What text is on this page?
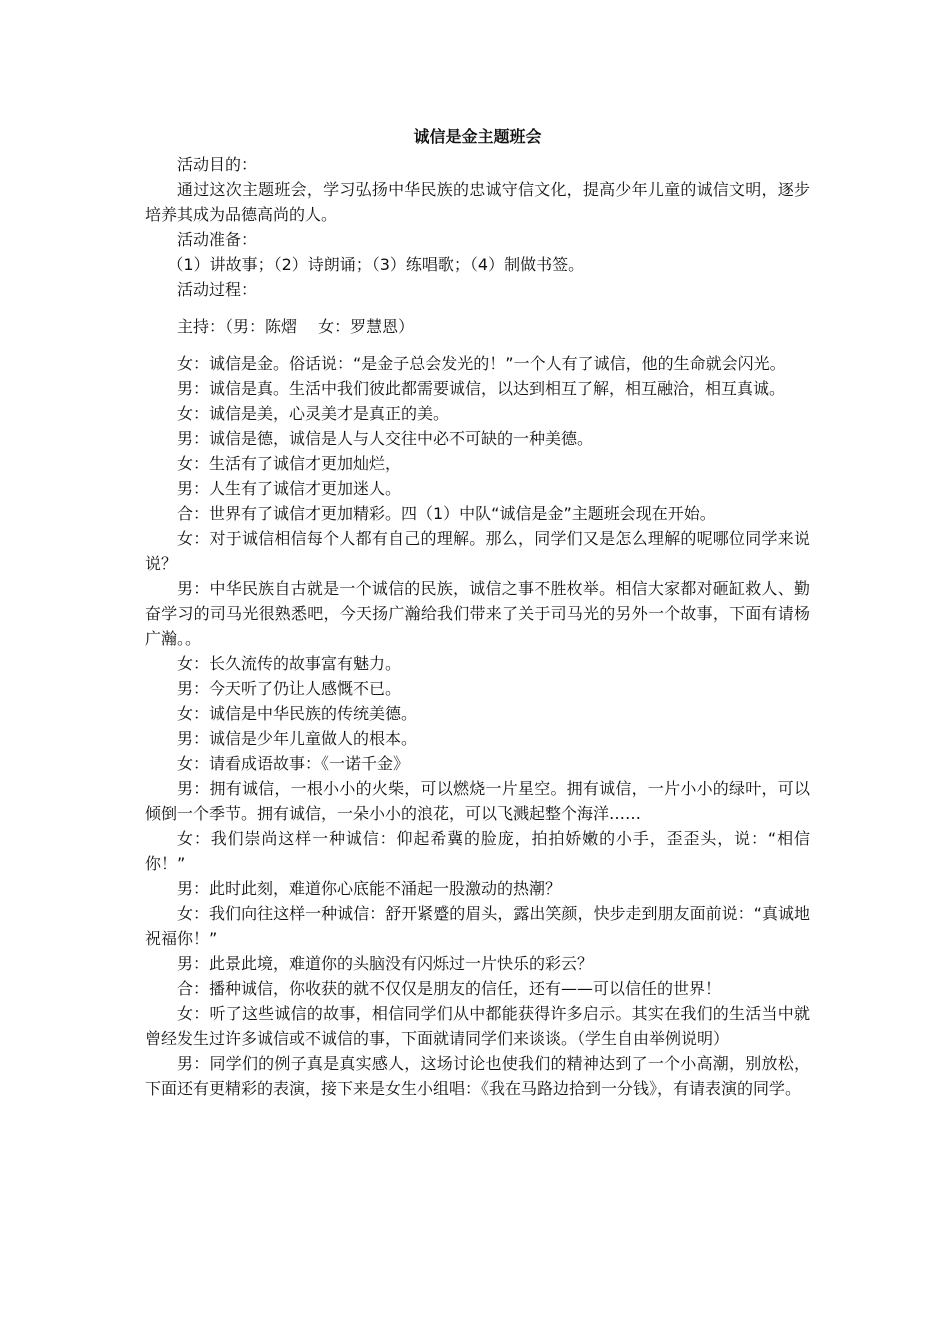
诚信是金主题班会

活动目的：

通过这次主题班会，学习弘扬中华民族的忠诚守信文化，提高少年儿童的诚信文明，逐步培养其成为品德高尚的人。

活动准备：

（1）讲故事；（2）诗朗诵；（3）练唱歌；（4）制做书签。

活动过程：

主持：（男：陈熠　 女：罗慧恩）

女：诚信是金。俗话说：“是金子总会发光的！”一个人有了诚信，他的生命就会闪光。

男：诚信是真。生活中我们彼此都需要诚信，以达到相互了解，相互融洽，相互真诚。

女：诚信是美，心灵美才是真正的美。

男：诚信是德，诚信是人与人交往中必不可缺的一种美德。

女：生活有了诚信才更加灿烂，

男：人生有了诚信才更加迷人。

合：世界有了诚信才更加精彩。四（1）中队“诚信是金”主题班会现在开始。

女：对于诚信相信每个人都有自己的理解。那么，同学们又是怎么理解的呢哪位同学来说说？

男：中华民族自古就是一个诚信的民族，诚信之事不胜枚举。相信大家都对砸缸救人、勤奋学习的司马光很熟悉吧，今天扬广瀚给我们带来了关于司马光的另外一个故事，下面有请杨广瀚。。

女：长久流传的故事富有魅力。

男：今天听了仍让人感慨不已。

女：诚信是中华民族的传统美德。

男：诚信是少年儿童做人的根本。

女：请看成语故事：《一诺千金》

男：拥有诚信，一根小小的火柴，可以燃烧一片星空。拥有诚信，一片小小的绿叶，可以倾倒一个季节。拥有诚信，一朵小小的浪花，可以飞溅起整个海洋……

女：我们崇尚这样一种诚信：仰起希冀的脸庞，拍拍娇嫩的小手，歪歪头，说：“相信你！”

男：此时此刻，难道你心底能不涌起一股激动的热潮？

女：我们向往这样一种诚信：舒开紧蹙的眉头，露出笑颜，快步走到朋友面前说：“真诚地祝福你！”

男：此景此境，难道你的头脑没有闪烁过一片快乐的彩云？

合：播种诚信，你收获的就不仅仅是朋友的信任，还有——可以信任的世界！

女：听了这些诚信的故事，相信同学们从中都能获得许多启示。其实在我们的生活当中就曾经发生过许多诚信或不诚信的事，下面就请同学们来谈谈。（学生自由举例说明）

男：同学们的例子真是真实感人，这场讨论也使我们的精神达到了一个小高潮，别放松，下面还有更精彩的表演，接下来是女生小组唱：《我在马路边拾到一分钱》，有请表演的同学。
